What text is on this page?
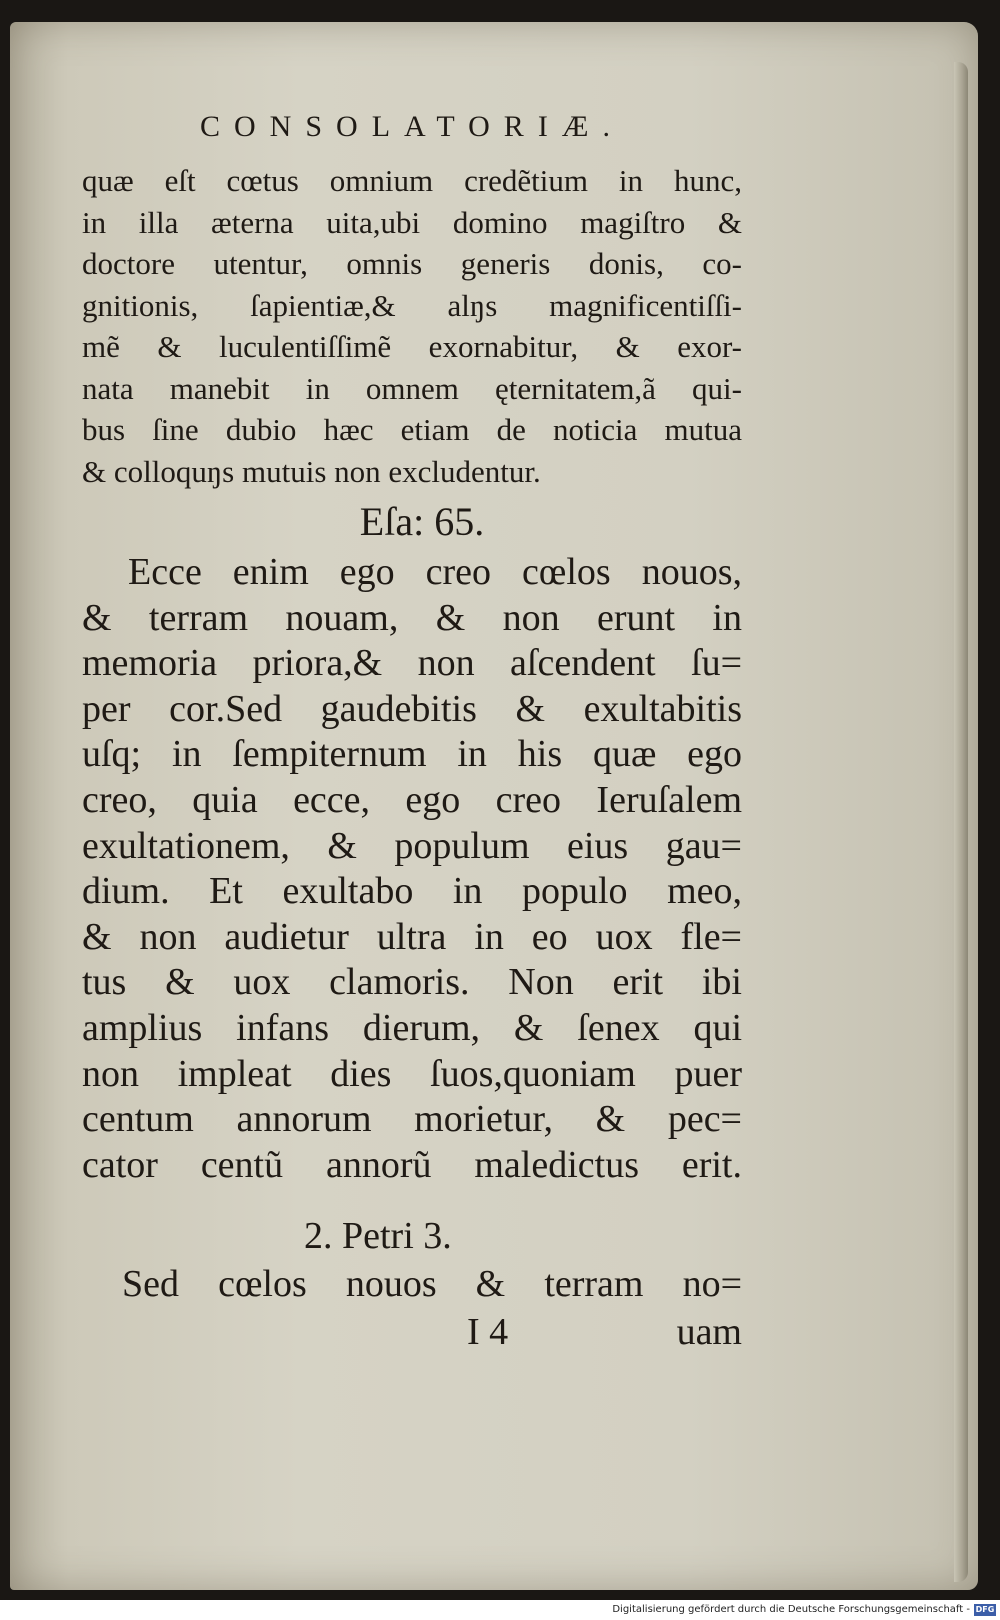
CONSOLATORIÆ.
quæ eſt cœtus omnium credẽtium in hunc,
in illa æterna uita,ubi domino magiſtro &
doctore utentur, omnis generis donis, co-
gnitionis, ſapientiæ,& alŋs magnificentiſſi-
mẽ & luculentiſſimẽ exornabitur, & exor-
nata manebit in omnem ęternitatem,ã qui-
bus ſine dubio hæc etiam de noticia mutua
& colloquŋs mutuis non excludentur.
Eſa: 65.
Ecce enim ego creo cœlos nouos,
& terram nouam, & non erunt in
memoria priora,& non aſcendent ſu=
per cor.Sed gaudebitis & exultabitis
uſq; in ſempiternum in his quæ ego
creo, quia ecce, ego creo Ieruſalem
exultationem, & populum eius gau=
dium. Et exultabo in populo meo,
& non audietur ultra in eo uox fle=
tus & uox clamoris. Non erit ibi
amplius infans dierum, & ſenex qui
non impleat dies ſuos,quoniam puer
centum annorum morietur, & pec=
cator centũ annorũ maledictus erit.
2. Petri 3.
Sed cœlos nouos & terram no=
I 4	uam
Digitalisierung gefördert durch die Deutsche Forschungsgemeinschaft - DFG
